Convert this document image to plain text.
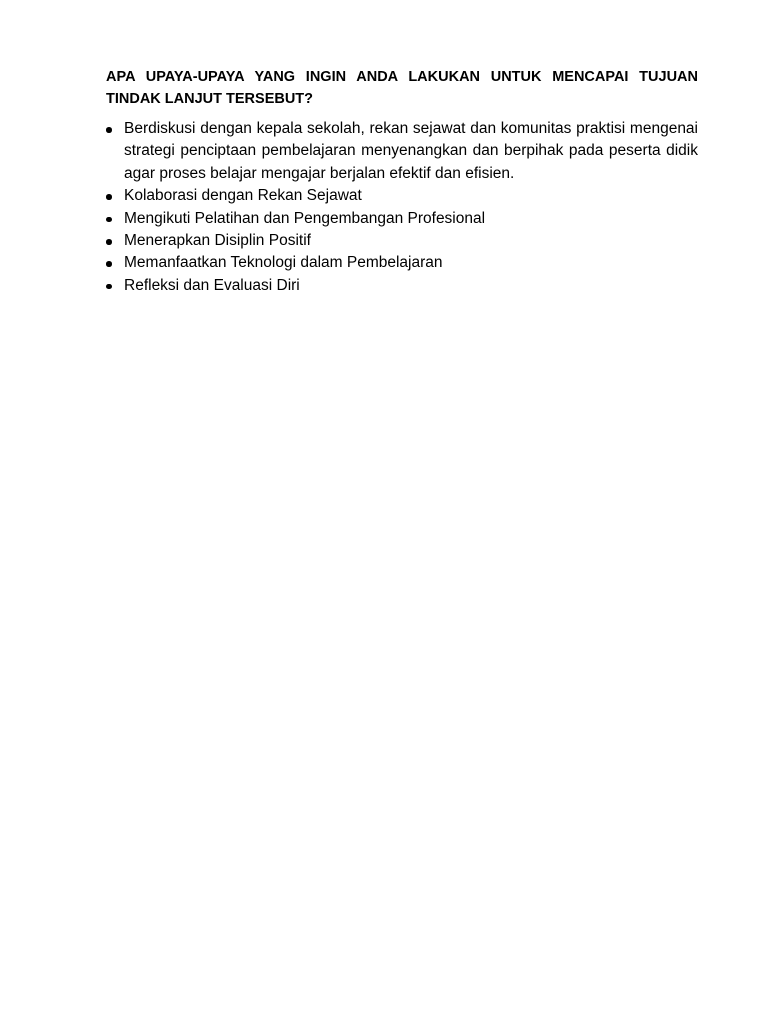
APA UPAYA-UPAYA YANG INGIN ANDA LAKUKAN UNTUK MENCAPAI TUJUAN TINDAK LANJUT TERSEBUT?

Berdiskusi dengan kepala sekolah, rekan sejawat dan komunitas praktisi mengenai strategi penciptaan pembelajaran menyenangkan dan berpihak pada peserta didik agar proses belajar mengajar berjalan efektif dan efisien.
Kolaborasi dengan Rekan Sejawat
Mengikuti Pelatihan dan Pengembangan Profesional
Menerapkan Disiplin Positif
Memanfaatkan Teknologi dalam Pembelajaran
Refleksi dan Evaluasi Diri
